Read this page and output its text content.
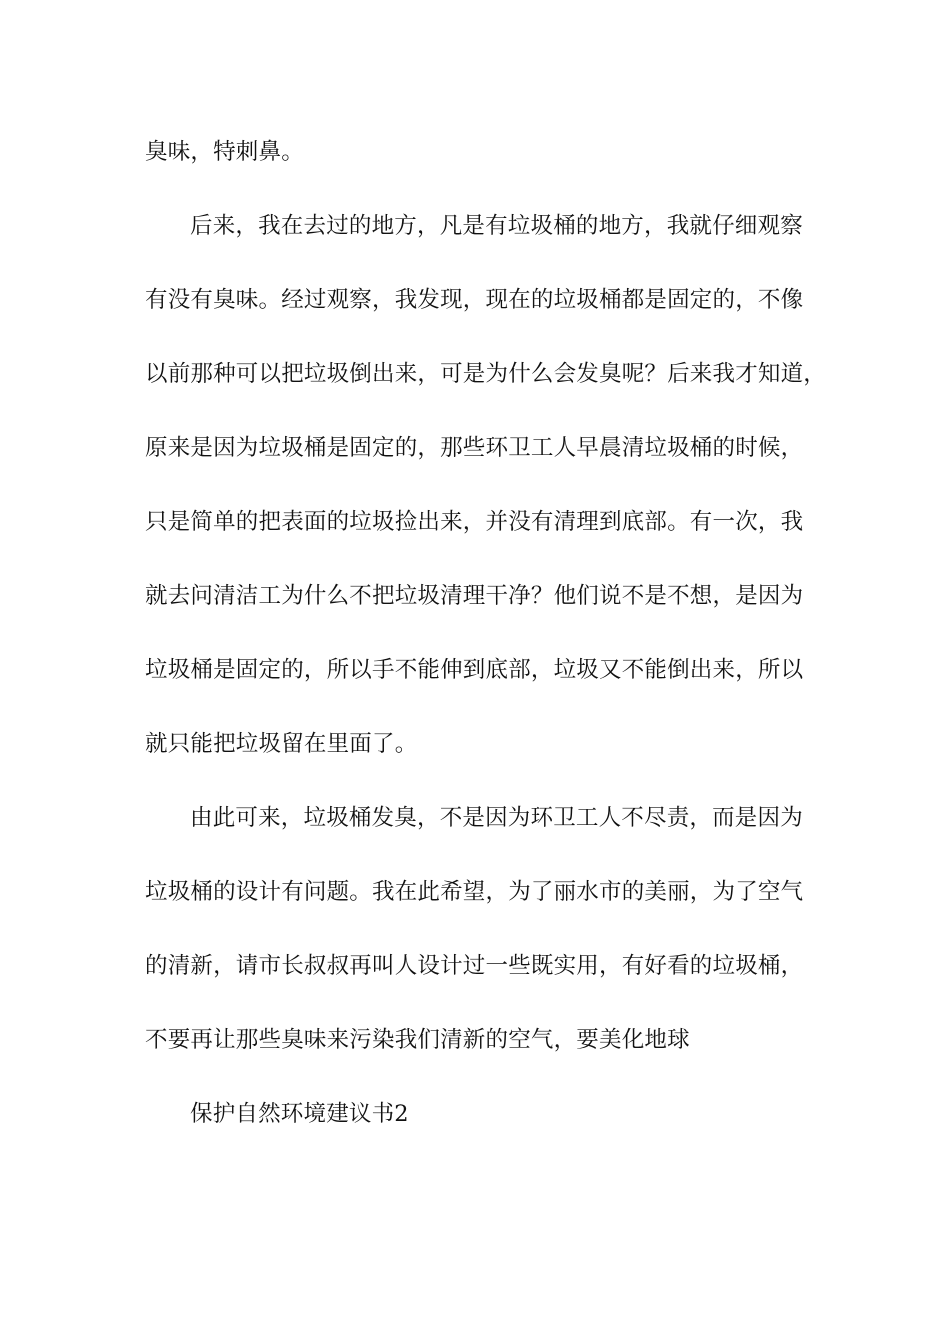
臭味，特刺鼻。
后来，我在去过的地方，凡是有垃圾桶的地方，我就仔细观察
有没有臭味。经过观察，我发现，现在的垃圾桶都是固定的，不像
以前那种可以把垃圾倒出来，可是为什么会发臭呢？后来我才知道，
原来是因为垃圾桶是固定的，那些环卫工人早晨清垃圾桶的时候，
只是简单的把表面的垃圾捡出来，并没有清理到底部。有一次，我
就去问清洁工为什么不把垃圾清理干净？他们说不是不想，是因为
垃圾桶是固定的，所以手不能伸到底部，垃圾又不能倒出来，所以
就只能把垃圾留在里面了。
由此可来，垃圾桶发臭，不是因为环卫工人不尽责，而是因为
垃圾桶的设计有问题。我在此希望，为了丽水市的美丽，为了空气
的清新，请市长叔叔再叫人设计过一些既实用，有好看的垃圾桶，
不要再让那些臭味来污染我们清新的空气，要美化地球
保护自然环境建议书2
